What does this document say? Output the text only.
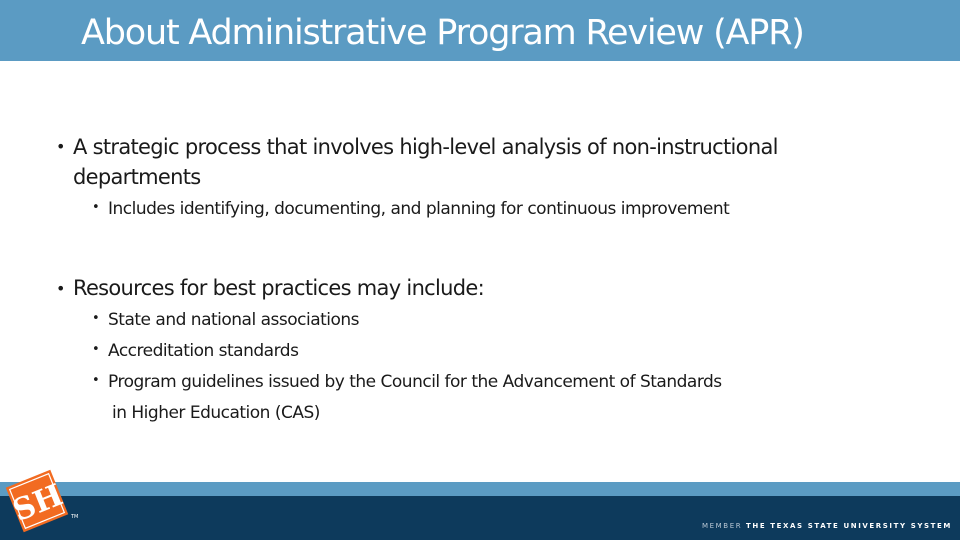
About Administrative Program Review (APR)
• A strategic process that involves high-level analysis of non-instructional
departments
• Includes identifying, documenting, and planning for continuous improvement
• Resources for best practices may include:
• State and national associations
• Accreditation standards
• Program guidelines issued by the Council for the Advancement of Standards
in Higher Education (CAS)
MEMBER THE TEXAS STATE UNIVERSITY SYSTEM
SH TM
